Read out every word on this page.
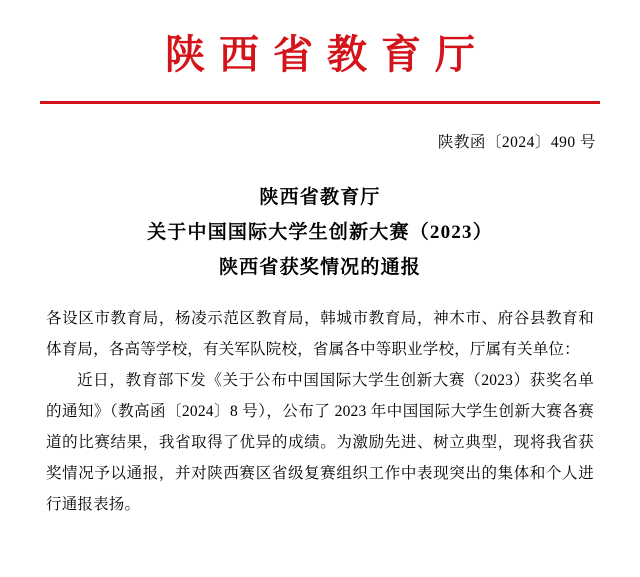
陕西省教育厅
陕教函〔2024〕490 号
陕西省教育厅
关于中国国际大学生创新大赛（2023）
陕西省获奖情况的通报

各设区市教育局，杨凌示范区教育局，韩城市教育局，神木市、府谷县教育和体育局，各高等学校，有关军队院校，省属各中等职业学校，厅属有关单位：

近日，教育部下发《关于公布中国国际大学生创新大赛（2023）获奖名单的通知》（教高函〔2024〕8 号），公布了 2023 年中国国际大学生创新大赛各赛道的比赛结果，我省取得了优异的成绩。为激励先进、树立典型，现将我省获奖情况予以通报，并对陕西赛区省级复赛组织工作中表现突出的集体和个人进行通报表扬。
